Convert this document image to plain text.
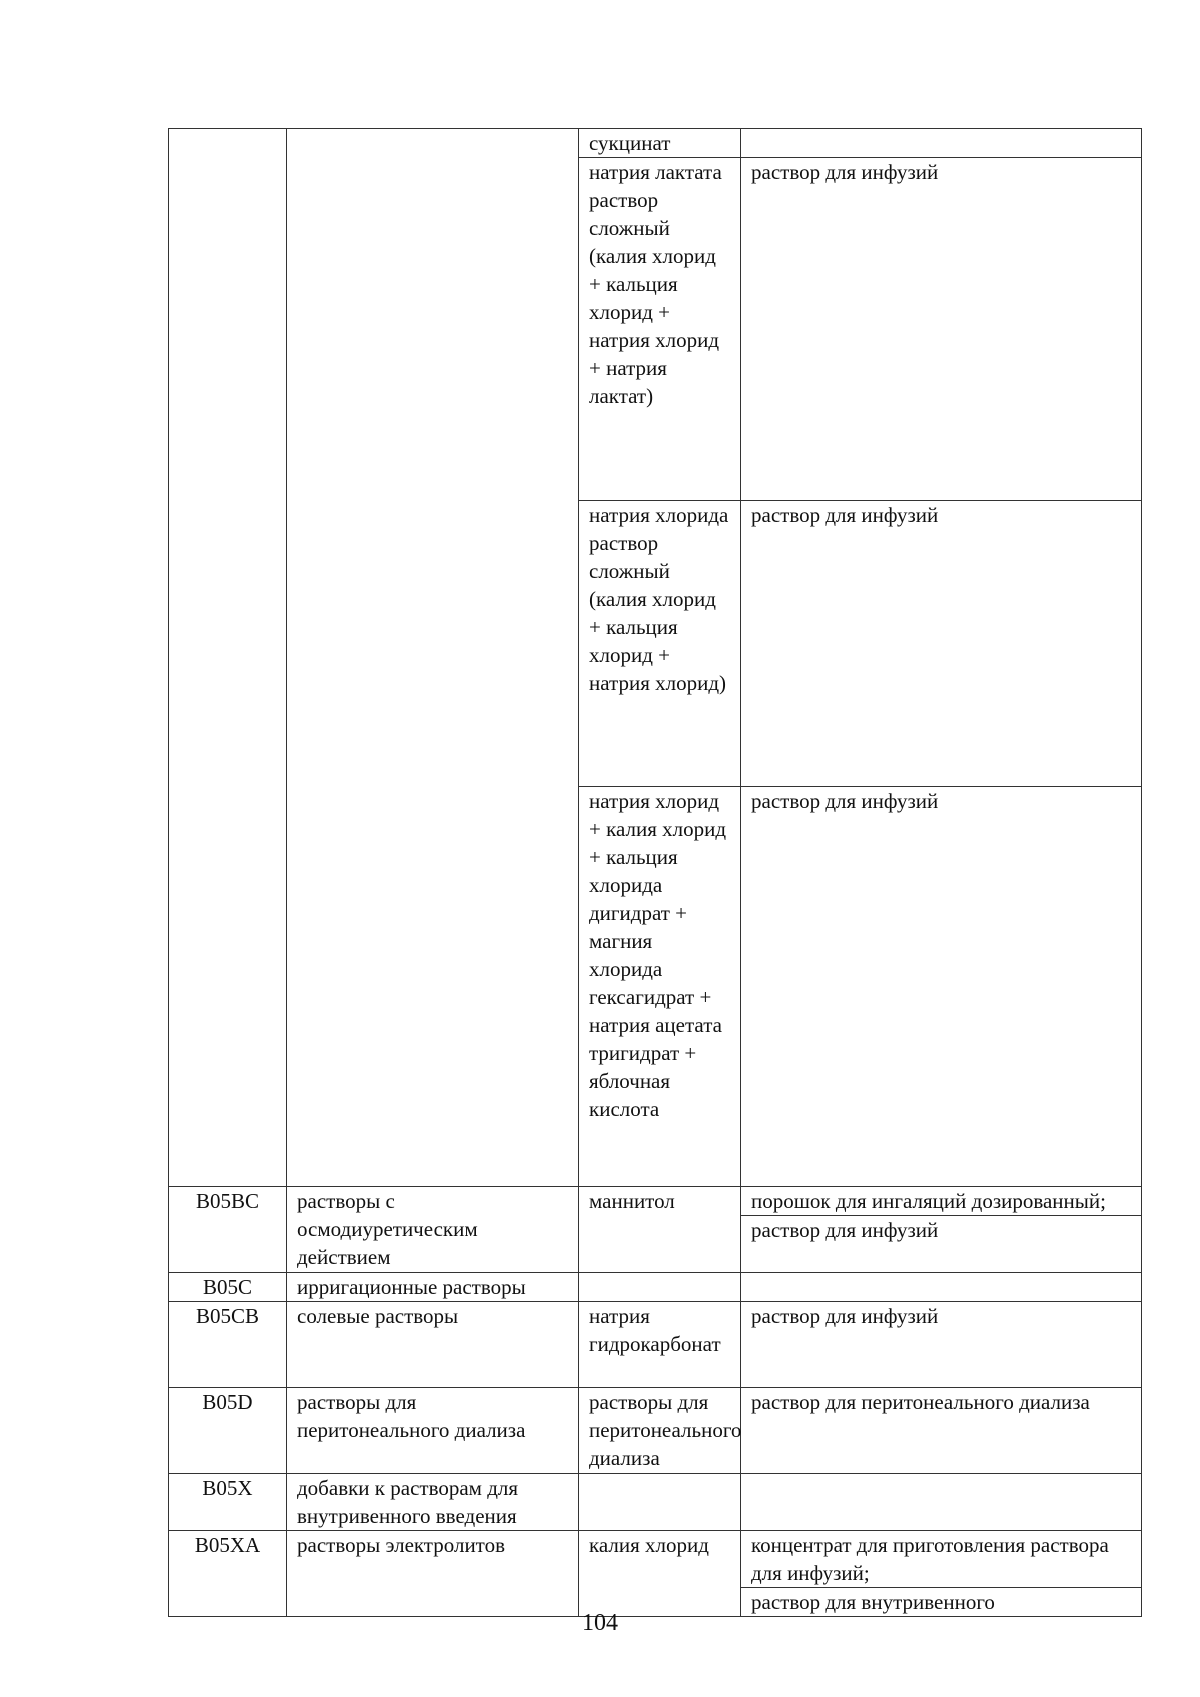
		сукцинат	
		натрия лактата раствор сложный (калия хлорид + кальция хлорид + натрия хлорид + натрия лактат)	раствор для инфузий
		натрия хлорида раствор сложный (калия хлорид + кальция хлорид + натрия хлорид)	раствор для инфузий
		натрия хлорид + калия хлорид + кальция хлорида дигидрат + магния хлорида гексагидрат + натрия ацетата тригидрат + яблочная кислота	раствор для инфузий
B05BC	растворы с осмодиуретическим действием	маннитол	порошок для ингаляций дозированный;
раствор для инфузий

B05C	ирригационные растворы		
B05CB	солевые растворы	натрия гидрокарбонат	раствор для инфузий
B05D	растворы для перитонеального диализа	растворы для перитонеального диализа	раствор для перитонеального диализа
B05X	добавки к растворам для внутривенного введения		
B05XA	растворы электролитов	калия хлорид	концентрат для приготовления раствора для инфузий;
раствор для внутривенного
104
